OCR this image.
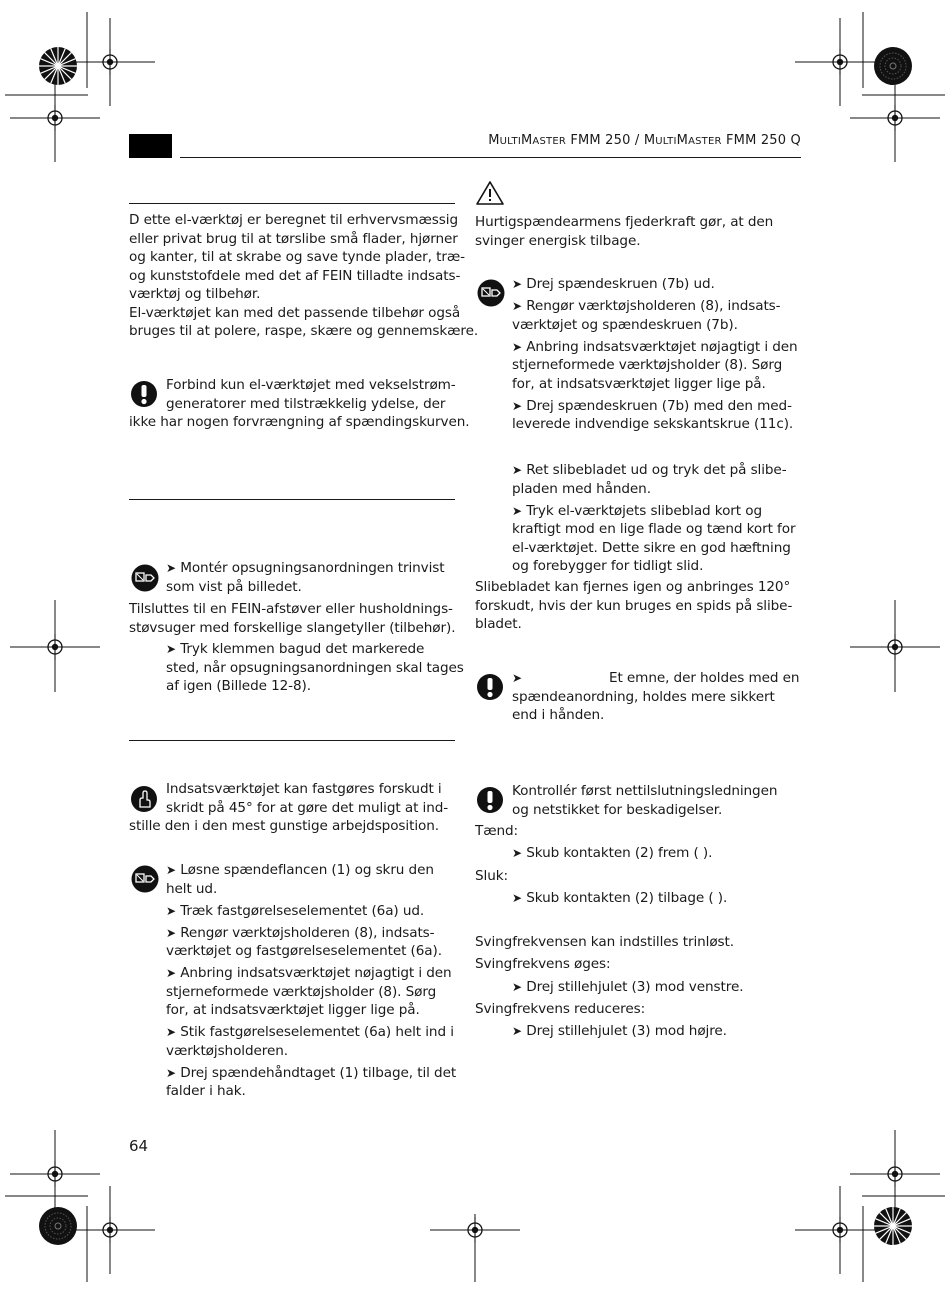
MULTIMASTER FMM 250 / MULTIMASTER FMM 250 Q
D ette el-værktøj er beregnet til erhvervsmæssig
eller privat brug til at tørslibe små flader, hjørner
og kanter, til at skrabe og save tynde plader, træ-
og kunststofdele med det af FEIN tilladte indsats-
værktøj og tilbehør.
El-værktøjet kan med det passende tilbehør også
bruges til at polere, raspe, skære og gennemskære.
Forbind kun el-værktøjet med vekselstrøm-
generatorer med tilstrækkelig ydelse, der
ikke har nogen forvrængning af spændingskurven.
➤ Montér opsugningsanordningen trinvist
som vist på billedet.
Tilsluttes til en FEIN-afstøver eller husholdnings-
støvsuger med forskellige slangetyller (tilbehør).
➤ Tryk klemmen bagud det markerede
sted, når opsugningsanordningen skal tages
af igen (Billede 12-8).
Indsatsværktøjet kan fastgøres forskudt i
skridt på 45° for at gøre det muligt at ind-
stille den i den mest gunstige arbejdsposition.
➤ Løsne spændeflancen (1) og skru den
helt ud.
➤ Træk fastgørelseselementet (6a) ud.
➤ Rengør værktøjsholderen (8), indsats-
værktøjet og fastgørelseselementet (6a).
➤ Anbring indsatsværktøjet nøjagtigt i den
stjerneformede værktøjsholder (8). Sørg
for, at indsatsværktøjet ligger lige på.
➤ Stik fastgørelseselementet (6a) helt ind i
værktøjsholderen.
➤ Drej spændehåndtaget (1) tilbage, til det
falder i hak.
64
Hurtigspændearmens fjederkraft gør, at den
svinger energisk tilbage.
➤ Drej spændeskruen (7b) ud.
➤ Rengør værktøjsholderen (8), indsats-
værktøjet og spændeskruen (7b).
➤ Anbring indsatsværktøjet nøjagtigt i den
stjerneformede værktøjsholder (8). Sørg
for, at indsatsværktøjet ligger lige på.
➤ Drej spændeskruen (7b) med den med-
leverede indvendige sekskantskrue (11c).
➤ Ret slibebladet ud og tryk det på slibe-
pladen med hånden.
➤ Tryk el-værktøjets slibeblad kort og
kraftigt mod en lige flade og tænd kort for
el-værktøjet. Dette sikre en god hæftning
og forebygger for tidligt slid.
Slibebladet kan fjernes igen og anbringes 120°
forskudt, hvis der kun bruges en spids på slibe-
bladet.
➤	Et emne, der holdes med en
spændeanordning, holdes mere sikkert
end i hånden.
Kontrollér først nettilslutningsledningen
og netstikket for beskadigelser.
Tænd:
➤ Skub kontakten (2) frem ( ).
Sluk:
➤ Skub kontakten (2) tilbage ( ).
Svingfrekvensen kan indstilles trinløst.
Svingfrekvens øges:
➤ Drej stillehjulet (3) mod venstre.
Svingfrekvens reduceres:
➤ Drej stillehjulet (3) mod højre.
